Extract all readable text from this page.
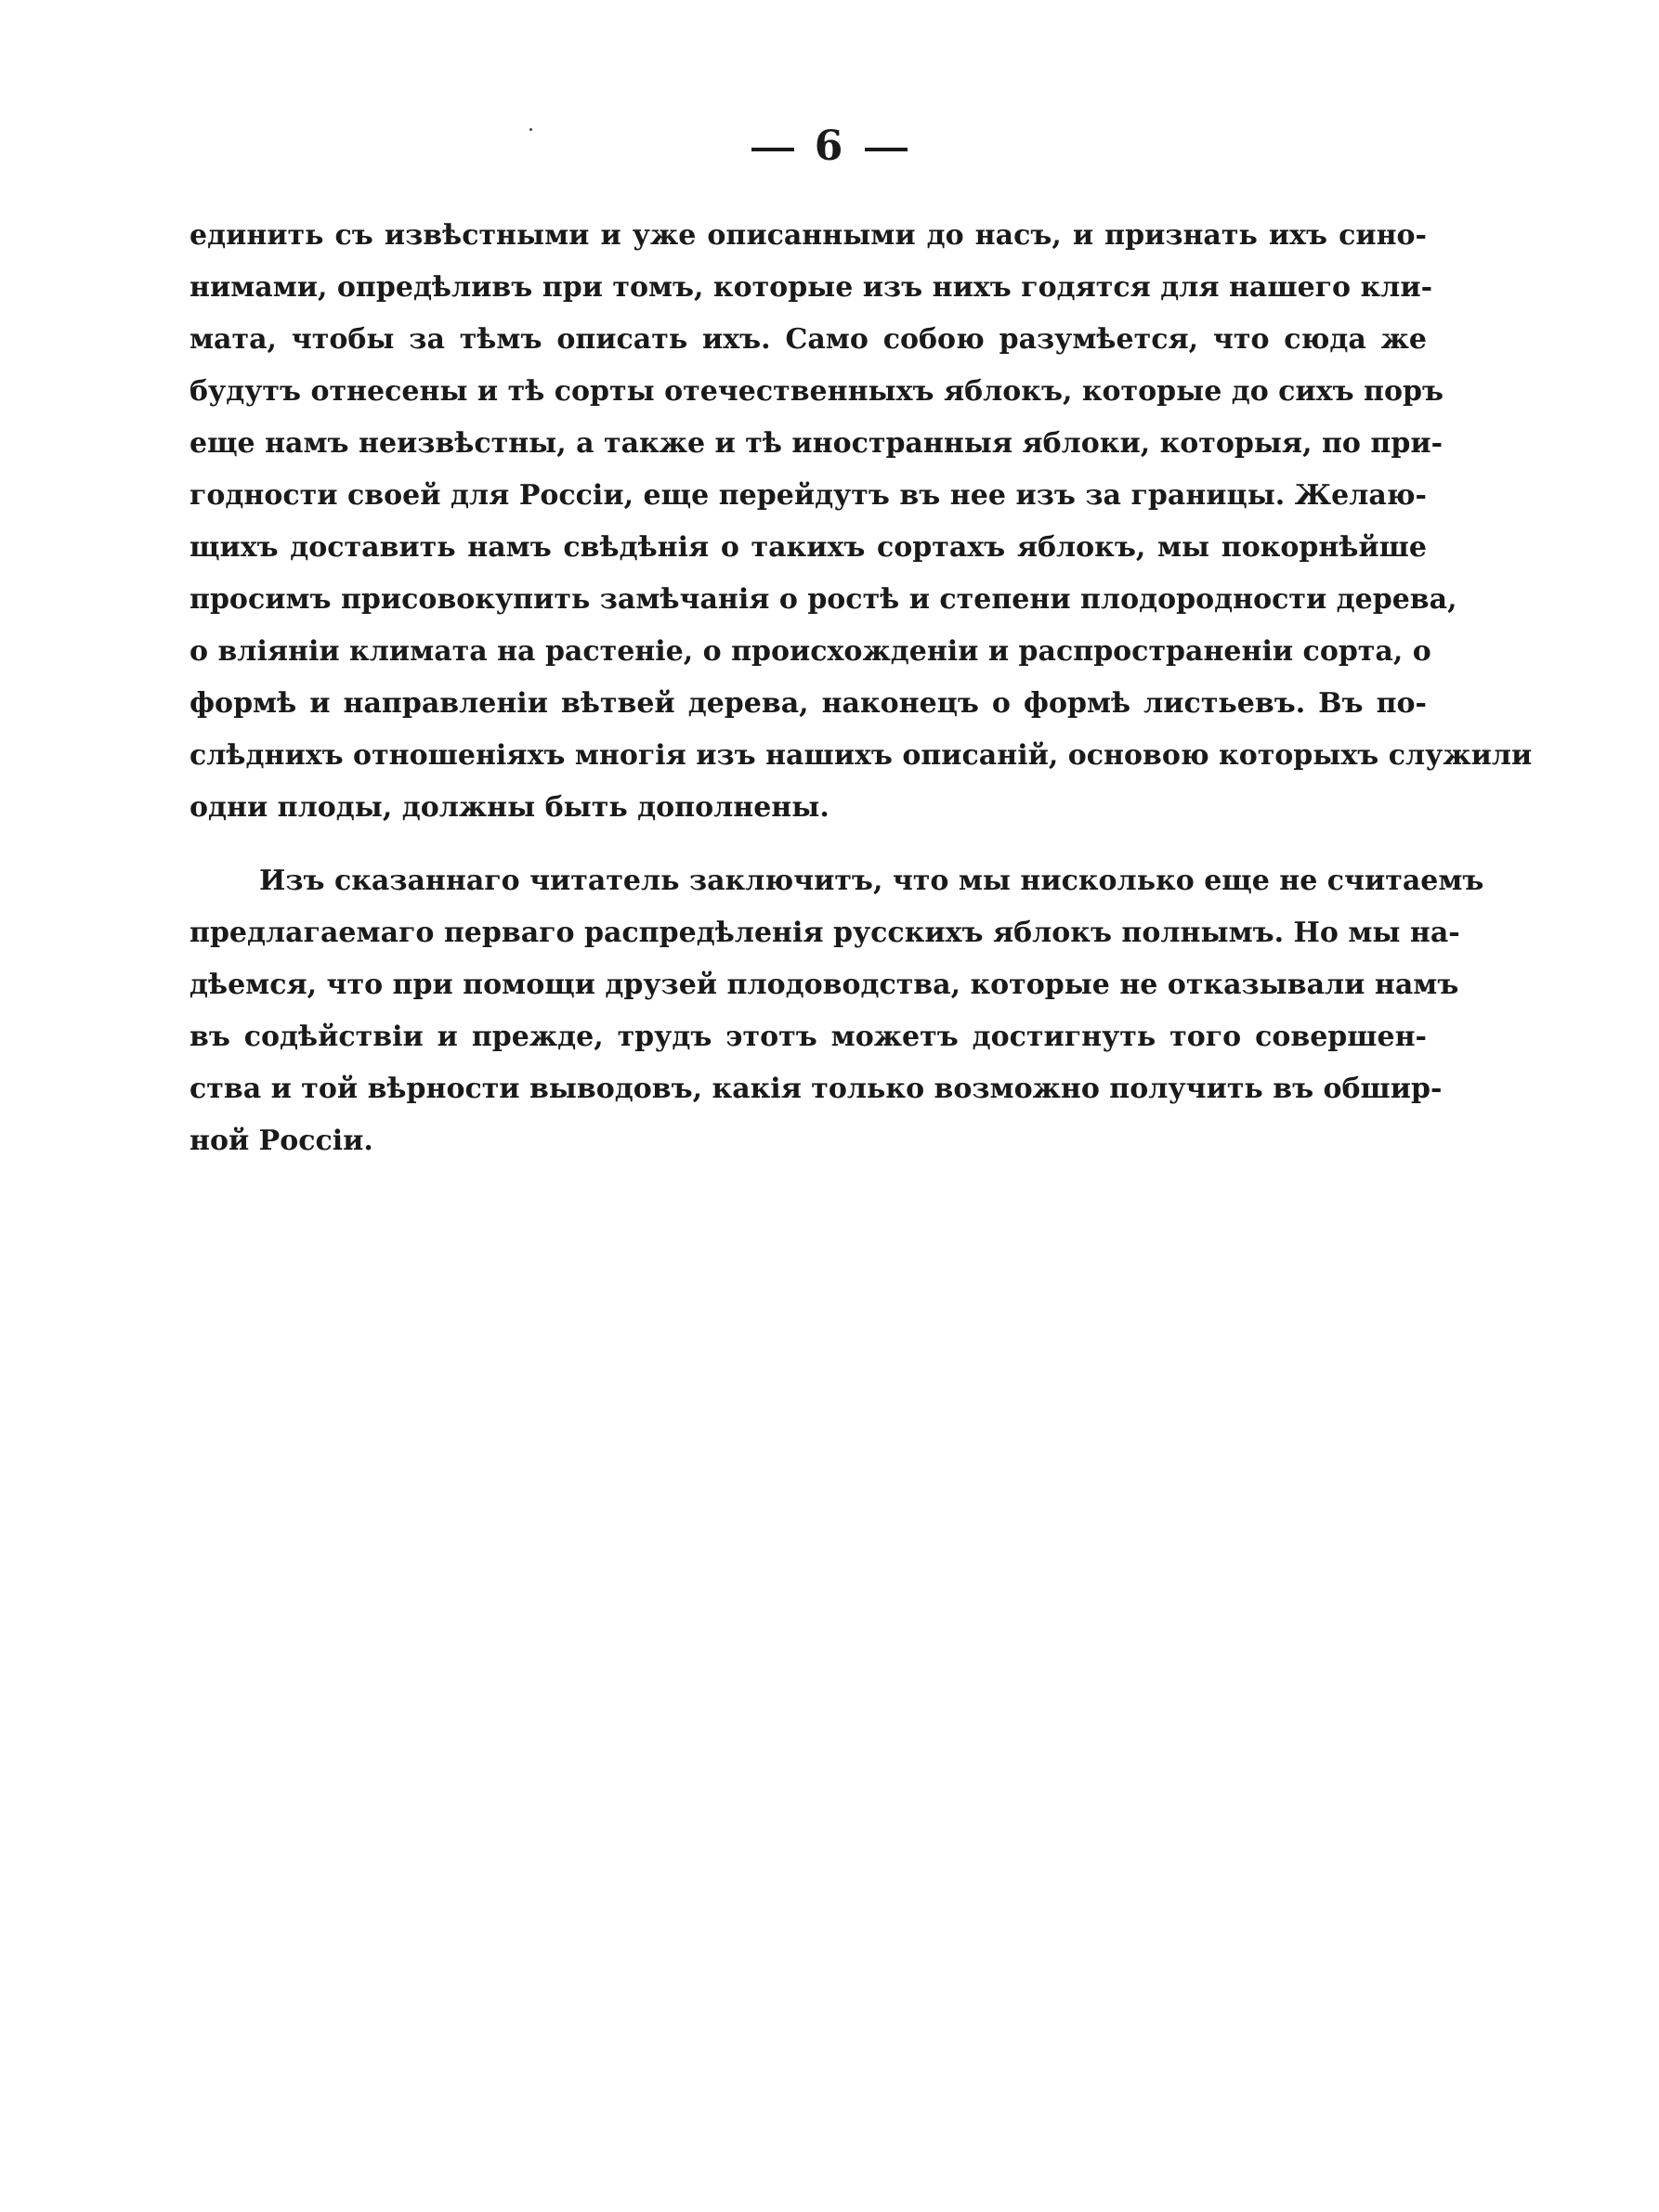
6
единить съ извѣстными и уже описанными до насъ, и признать ихъ сино-
нимами, опредѣливъ при томъ, которые изъ нихъ годятся для нашего кли-
мата, чтобы за тѣмъ описать ихъ. Само собою разумѣется, что сюда же
будутъ отнесены и тѣ сорты отечественныхъ яблокъ, которые до сихъ поръ
еще намъ неизвѣстны, а также и тѣ иностранныя яблоки, которыя, по при-
годности своей для Россіи, еще перейдутъ въ нее изъ за границы. Желаю-
щихъ доставить намъ свѣдѣнія о такихъ сортахъ яблокъ, мы покорнѣйше
просимъ присовокупить замѣчанія о ростѣ и степени плодородности дерева,
о вліяніи климата на растеніе, о происхожденіи и распространеніи сорта, о
формѣ и направленіи вѣтвей дерева, наконецъ о формѣ листьевъ. Въ по-
слѣднихъ отношеніяхъ многія изъ нашихъ описаній, основою которыхъ служили
одни плоды, должны быть дополнены.
Изъ сказаннаго читатель заключитъ, что мы нисколько еще не считаемъ
предлагаемаго перваго распредѣленія русскихъ яблокъ полнымъ. Но мы на-
дѣемся, что при помощи друзей плодоводства, которые не отказывали намъ
въ содѣйствіи и прежде, трудъ этотъ можетъ достигнуть того совершен-
ства и той вѣрности выводовъ, какія только возможно получить въ обшир-
ной Россіи.
